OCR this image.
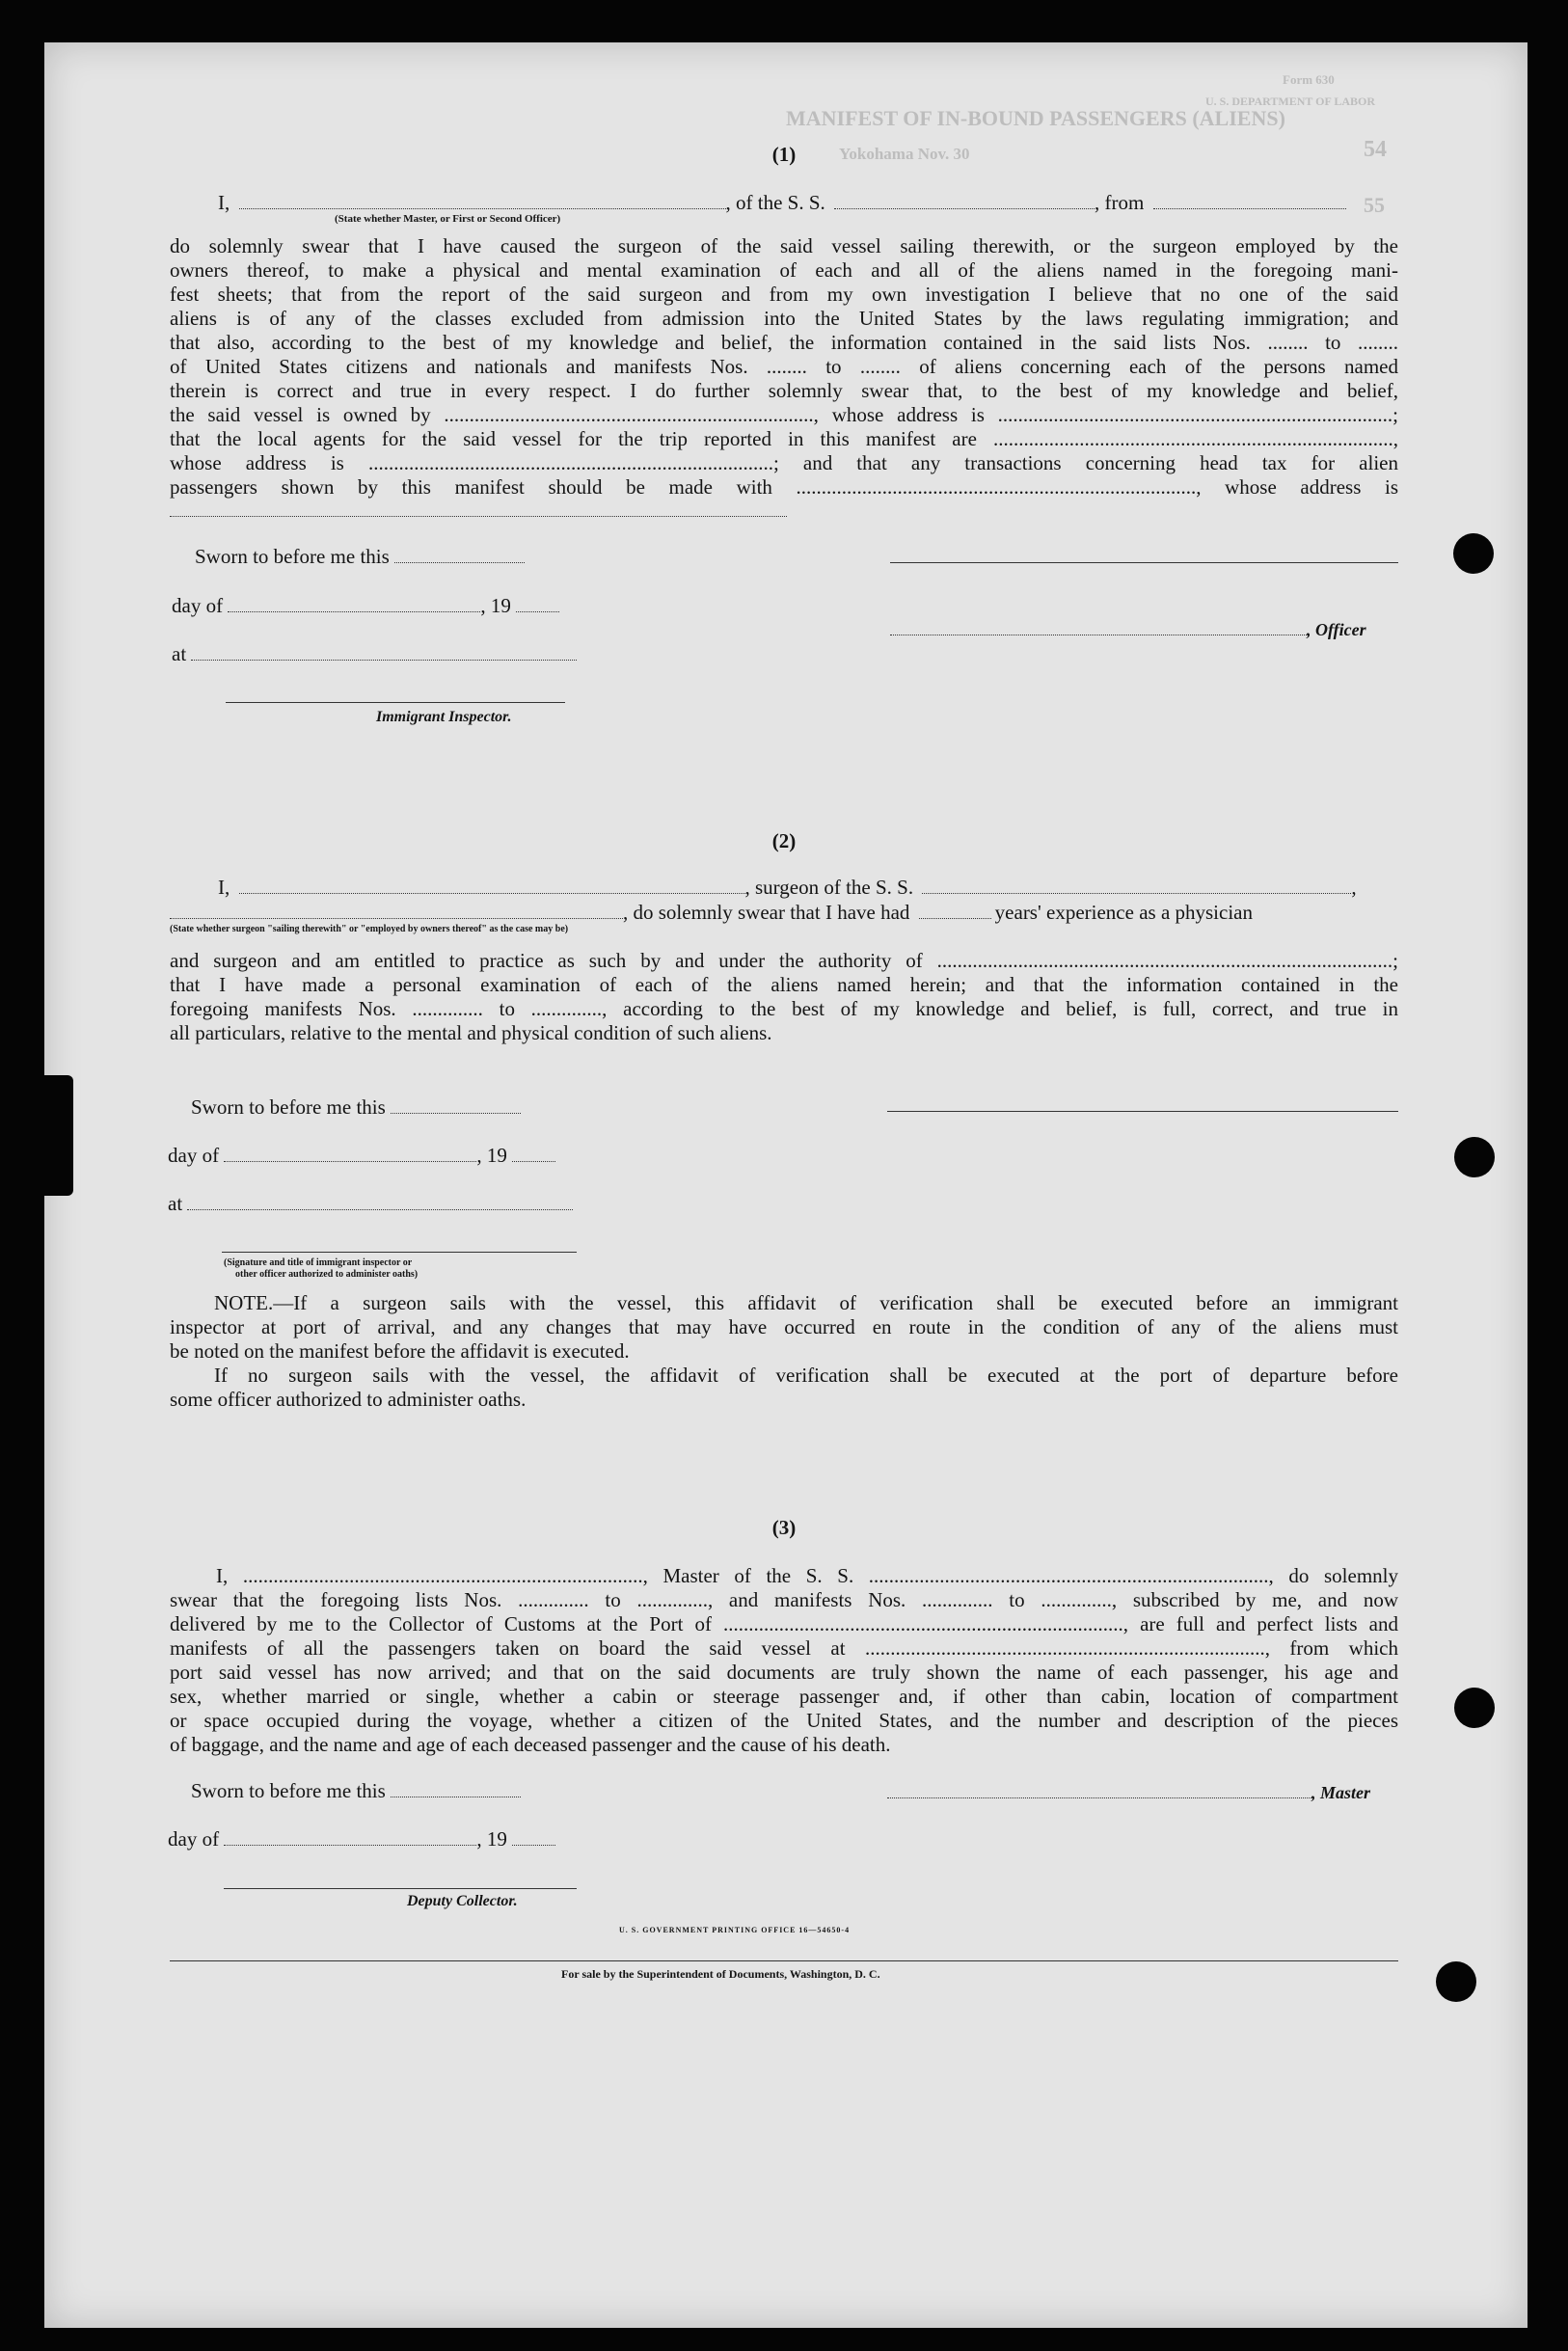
MANIFEST OF IN-BOUND PASSENGERS (ALIENS)
Yokohama Nov. 30	54
55
Form 630
U. S. DEPARTMENT OF LABOR
(1)
I,	, of the S. S.	, from
(State whether Master, or First or Second Officer)
do solemnly swear that I have caused the surgeon of the said vessel sailing therewith, or the surgeon employed by the
owners thereof, to make a physical and mental examination of each and all of the aliens named in the foregoing mani-
fest sheets; that from the report of the said surgeon and from my own investigation I believe that no one of the said
aliens is of any of the classes excluded from admission into the United States by the laws regulating immigration; and
that also, according to the best of my knowledge and belief, the information contained in the said lists Nos. ........ to ........
of United States citizens and nationals and manifests Nos. ........ to ........ of aliens concerning each of the persons named
therein is correct and true in every respect. I do further solemnly swear that, to the best of my knowledge and belief,
the said vessel is owned by ........................................................................., whose address is ..............................................................................;
that the local agents for the said vessel for the trip reported in this manifest are ...............................................................................,
whose address is ................................................................................; and that any transactions concerning head tax for alien
passengers shown by this manifest should be made with ..............................................................................., whose address is
Sworn to before me this
day of	, 19
at
Immigrant Inspector.
, Officer
(2)
I,	, surgeon of the S. S.	,
, do solemnly swear that I have had	years' experience as a physician
(State whether surgeon "sailing therewith" or "employed by owners thereof" as the case may be)
and surgeon and am entitled to practice as such by and under the authority of ..........................................................................................;
that I have made a personal examination of each of the aliens named herein; and that the information contained in the
foregoing manifests Nos. .............. to .............., according to the best of my knowledge and belief, is full, correct, and true in
all particulars, relative to the mental and physical condition of such aliens.
Sworn to before me this
day of	, 19
at
(Signature and title of immigrant inspector or
other officer authorized to administer oaths)
NOTE.—If a surgeon sails with the vessel, this affidavit of verification shall be executed before an immigrant
inspector at port of arrival, and any changes that may have occurred en route in the condition of any of the aliens must
be noted on the manifest before the affidavit is executed.
If no surgeon sails with the vessel, the affidavit of verification shall be executed at the port of departure before
some officer authorized to administer oaths.
(3)
I, ..............................................................................., Master of the S. S. ..............................................................................., do solemnly
swear that the foregoing lists Nos. .............. to .............., and manifests Nos. .............. to .............., subscribed by me, and now
delivered by me to the Collector of Customs at the Port of ..............................................................................., are full and perfect lists and
manifests of all the passengers taken on board the said vessel at ..............................................................................., from which
port said vessel has now arrived; and that on the said documents are truly shown the name of each passenger, his age and
sex, whether married or single, whether a cabin or steerage passenger and, if other than cabin, location of compartment
or space occupied during the voyage, whether a citizen of the United States, and the number and description of the pieces
of baggage, and the name and age of each deceased passenger and the cause of his death.
Sworn to before me this	, Master
day of	, 19
Deputy Collector.
U. S. GOVERNMENT PRINTING OFFICE 16—54650-4
For sale by the Superintendent of Documents, Washington, D. C.
